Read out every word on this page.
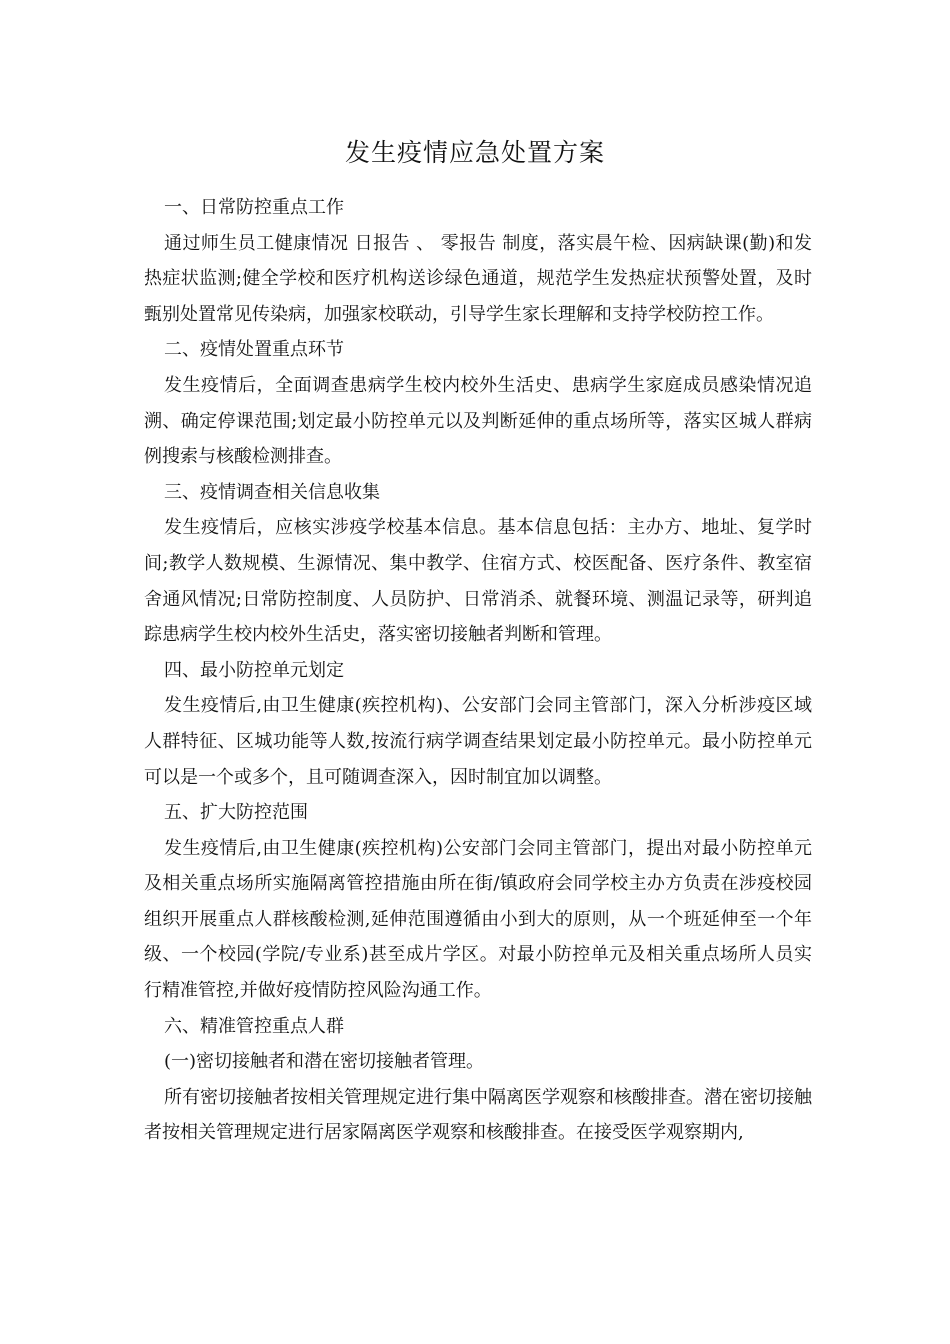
发生疫情应急处置方案

一、日常防控重点工作

通过师生员工健康情况 日报告 、 零报告 制度，落实晨午检、因病缺课(勤)和发热症状监测;健全学校和医疗机构送诊绿色通道，规范学生发热症状预警处置，及时甄别处置常见传染病，加强家校联动，引导学生家长理解和支持学校防控工作。

二、疫情处置重点环节

发生疫情后，全面调查患病学生校内校外生活史、患病学生家庭成员感染情况追溯、确定停课范围;划定最小防控单元以及判断延伸的重点场所等，落实区城人群病例搜索与核酸检测排查。

三、疫情调查相关信息收集

发生疫情后，应核实涉疫学校基本信息。基本信息包括：主办方、地址、复学时间;教学人数规模、生源情况、集中教学、住宿方式、校医配备、医疗条件、教室宿舍通风情况;日常防控制度、人员防护、日常消杀、就餐环境、测温记录等，研判追踪患病学生校内校外生活史，落实密切接触者判断和管理。

四、最小防控单元划定

发生疫情后,由卫生健康(疾控机构)、公安部门会同主管部门，深入分析涉疫区域人群特征、区城功能等人数,按流行病学调查结果划定最小防控单元。最小防控单元可以是一个或多个，且可随调查深入，因时制宜加以调整。

五、扩大防控范围

发生疫情后,由卫生健康(疾控机构)公安部门会同主管部门，提出对最小防控单元及相关重点场所实施隔离管控措施由所在街/镇政府会同学校主办方负责在涉疫校园组织开展重点人群核酸检测,延伸范围遵循由小到大的原则，从一个班延伸至一个年级、一个校园(学院/专业系)甚至成片学区。对最小防控单元及相关重点场所人员实行精准管控,并做好疫情防控风险沟通工作。

六、精准管控重点人群

(一)密切接触者和潜在密切接触者管理。

所有密切接触者按相关管理规定进行集中隔离医学观察和核酸排查。潜在密切接触者按相关管理规定进行居家隔离医学观察和核酸排查。在接受医学观察期内,
